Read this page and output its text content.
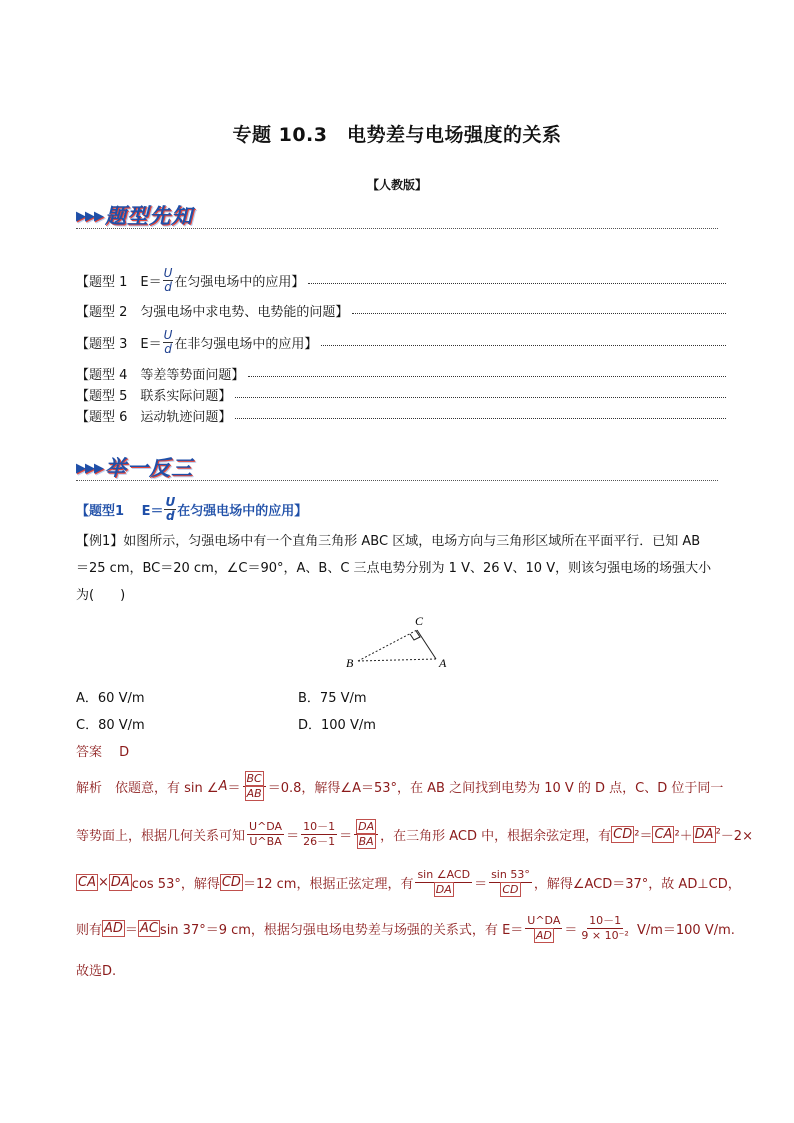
专题 10.3　电势差与电场强度的关系
【人教版】
▶▶▶题型先知
【题型 1　$E= \frac{U}{d}$ 在匀强电场中的应用】
【题型 2　匀强电场中求电势、电势能的问题】
【题型 3　$E= \frac{U}{d}$ 在非匀强电场中的应用】
【题型 4　等差等势面问题】
【题型 5　联系实际问题】
【题型 6　运动轨迹问题】
▶▶▶举一反三
【题型1　 $E= \frac{U}{d}$ 在匀强电场中的应用】
【例1】如图所示，匀强电场中有一个直角三角形 ABC 区域，电场方向与三角形区域所在平面平行．已知 AB
＝25 cm，BC＝20 cm，∠C＝90°，A、B、C 三点电势分别为 1 V、26 V、10 V，则该匀强电场的场强大小
为(　　)
C
B	A
A．60 V/m	B．75 V/m
C．80 V/m	D．100 V/m
答案　 D
解析
　 依题意，有 sin ∠ $A = \frac{BC}{AB} =0.8$，解得∠A＝53°，在 AB 之间找到电势为 10 V 的 D 点，C、D 位于同一
等势面上，根据几何关系可知 $\frac{U\^{}DA}{U\^{}BA} = \frac{10-1}{26-1} = \frac{DA}{BA}$ ，在三角形 ACD 中，根据余弦定理，有 CD ²＝ CA ²＋ DA ² －2×
CA × DA cos 53°，解得 CD ＝12 cm，根据正弦定理，有 $\frac{\text{sin ∠ACD}}{DA} = \frac{\sin 53^\circ}{CD}$ ，解得∠ACD＝37°，故 AD⊥CD，
则有 AD ＝ AC sin 37°＝9 cm，根据匀强电场电势差与场强的关系式，有 $E= \frac{U\^{}DA}{AD} = \frac{10-1}{\text{9 × 10⁻²}}$
V/m＝100 V/m.
故选D.
